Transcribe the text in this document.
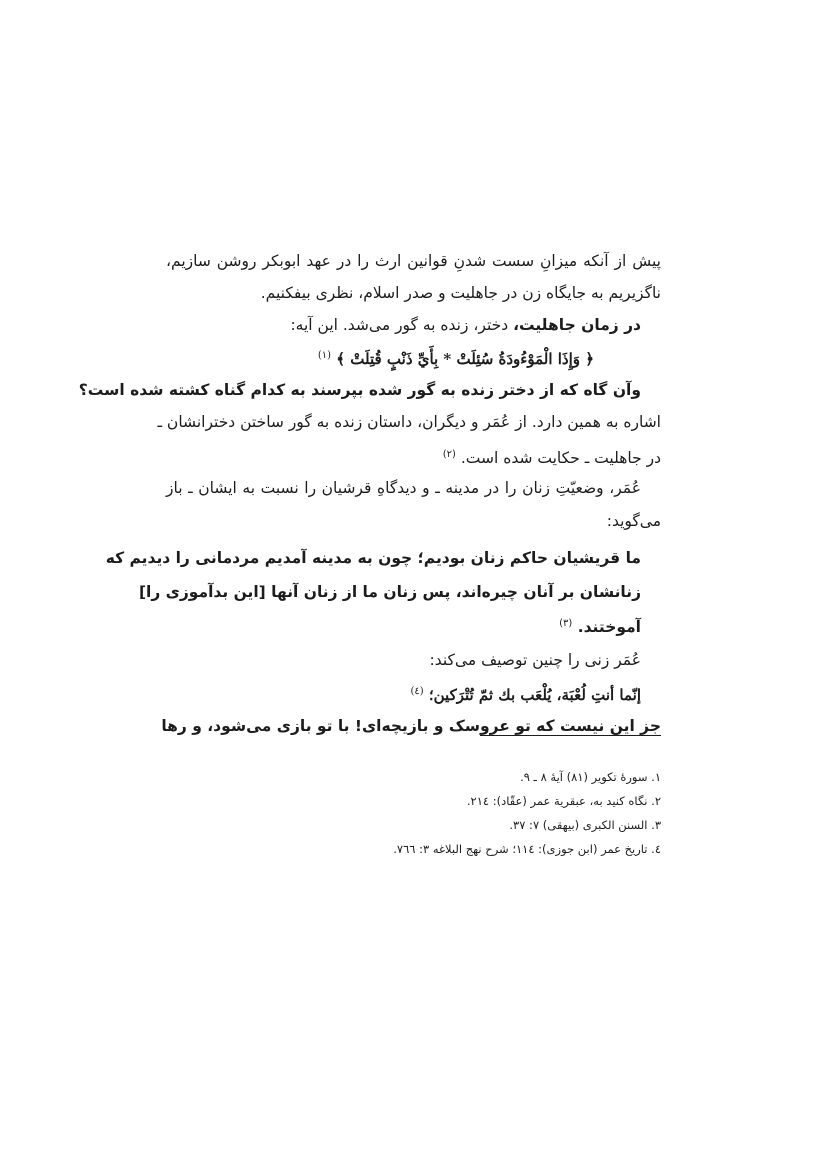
پیش از آنکه میزانِ سست شدنِ قوانین ارث را در عهد ابوبکر روشن سازیم،
ناگزیریم به جایگاه زن در جاهلیت و صدر اسلام، نظری بیفکنیم.
در زمان جاهلیت، دختر، زنده به گور می‌شد. این آیه:
﴿ وَإِذَا الْمَوْءُودَةُ سُئِلَتْ * بِأَيِّ ذَنْبٍ قُتِلَتْ ﴾ $^{(١)}$
وآن گاه که از دختر زنده به گور شده بپرسند به کدام گناه کشته شده است؟
اشاره به همین دارد. از عُمَر و دیگران، داستان زنده به گور ساختن دخترانشان ـ
در جاهلیت ـ حکایت شده است. $^{(٢)}$
عُمَر، وضعیّتِ زنان را در مدینه ـ و دیدگاهِ قرشیان را نسبت به ایشان ـ باز
می‌گوید:
ما قریشیان حاکم زنان بودیم؛ چون به مدینه آمدیم مردمانی را دیدیم که
زنانشان بر آنان چیره‌اند، پس زنان ما از زنان آنها [این بدآموزی را]
آموختند. $^{(٣)}$
عُمَر زنی را چنین توصیف می‌کند:
إنّما أنتِ لُعْبَة، يُلْعَب بك ثمّ تُتْرَكين؛ $^{(٤)}$
جز این نیست که تو عروسک و بازیچه‌ای! با تو بازی می‌شود، و رها
١. سورهٔ تکویر (٨١) آیهٔ ٨ ـ ٩.
٢. نگاه کنید به، عبقرية عمر (عقّاد): ٢١٤.
٣. السنن الكبرى (بيهقى) ٧: ٣٧.
٤. تاریخ عمر (ابن جوزی): ١١٤؛ شرح نهج البلاغه ٣: ٧٦٦.
